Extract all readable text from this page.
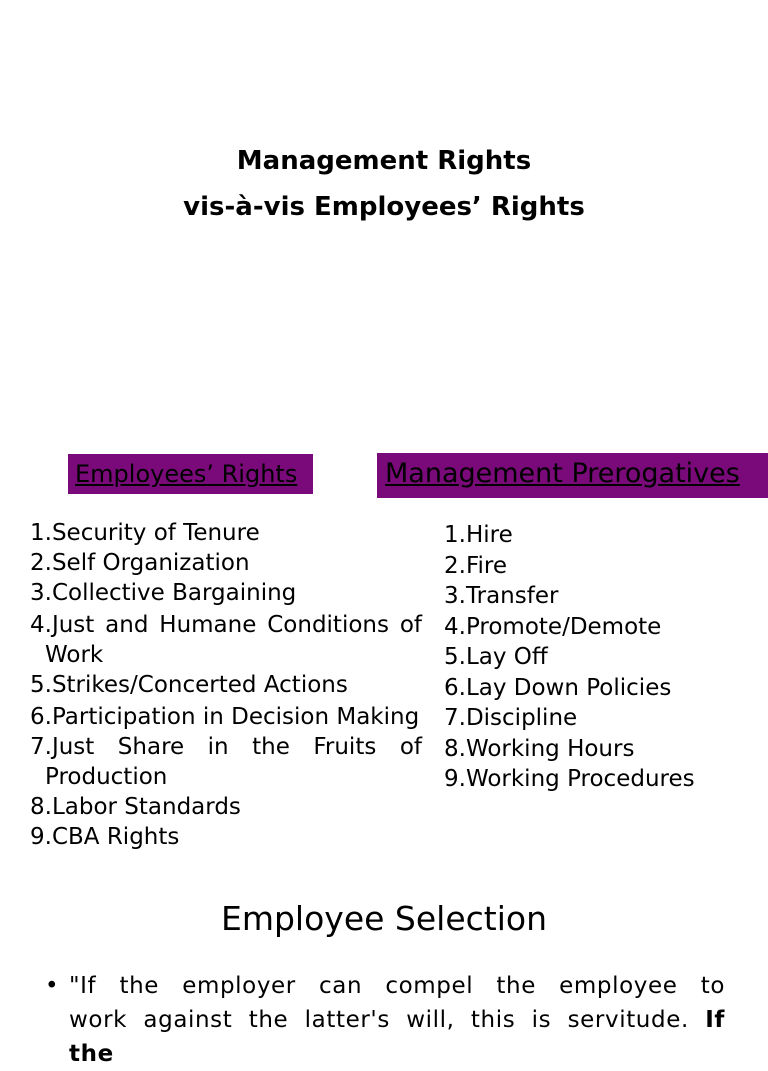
Management Rights
vis-à-vis Employees’ Rights
Employees’ Rights	Management Prerogatives
1.Security of Tenure
2.Self Organization
3.Collective Bargaining
4.Just and Humane Conditions of Work
5.Strikes/Concerted Actions
6.Participation in Decision Making
7.Just Share in the Fruits of Production
8.Labor Standards
9.CBA Rights
1.Hire
2.Fire
3.Transfer
4.Promote/Demote
5.Lay Off
6.Lay Down Policies
7.Discipline
8.Working Hours
9.Working Procedures
Employee Selection
• "If the employer can compel the employee to work against the latter's will, this is servitude. If the
